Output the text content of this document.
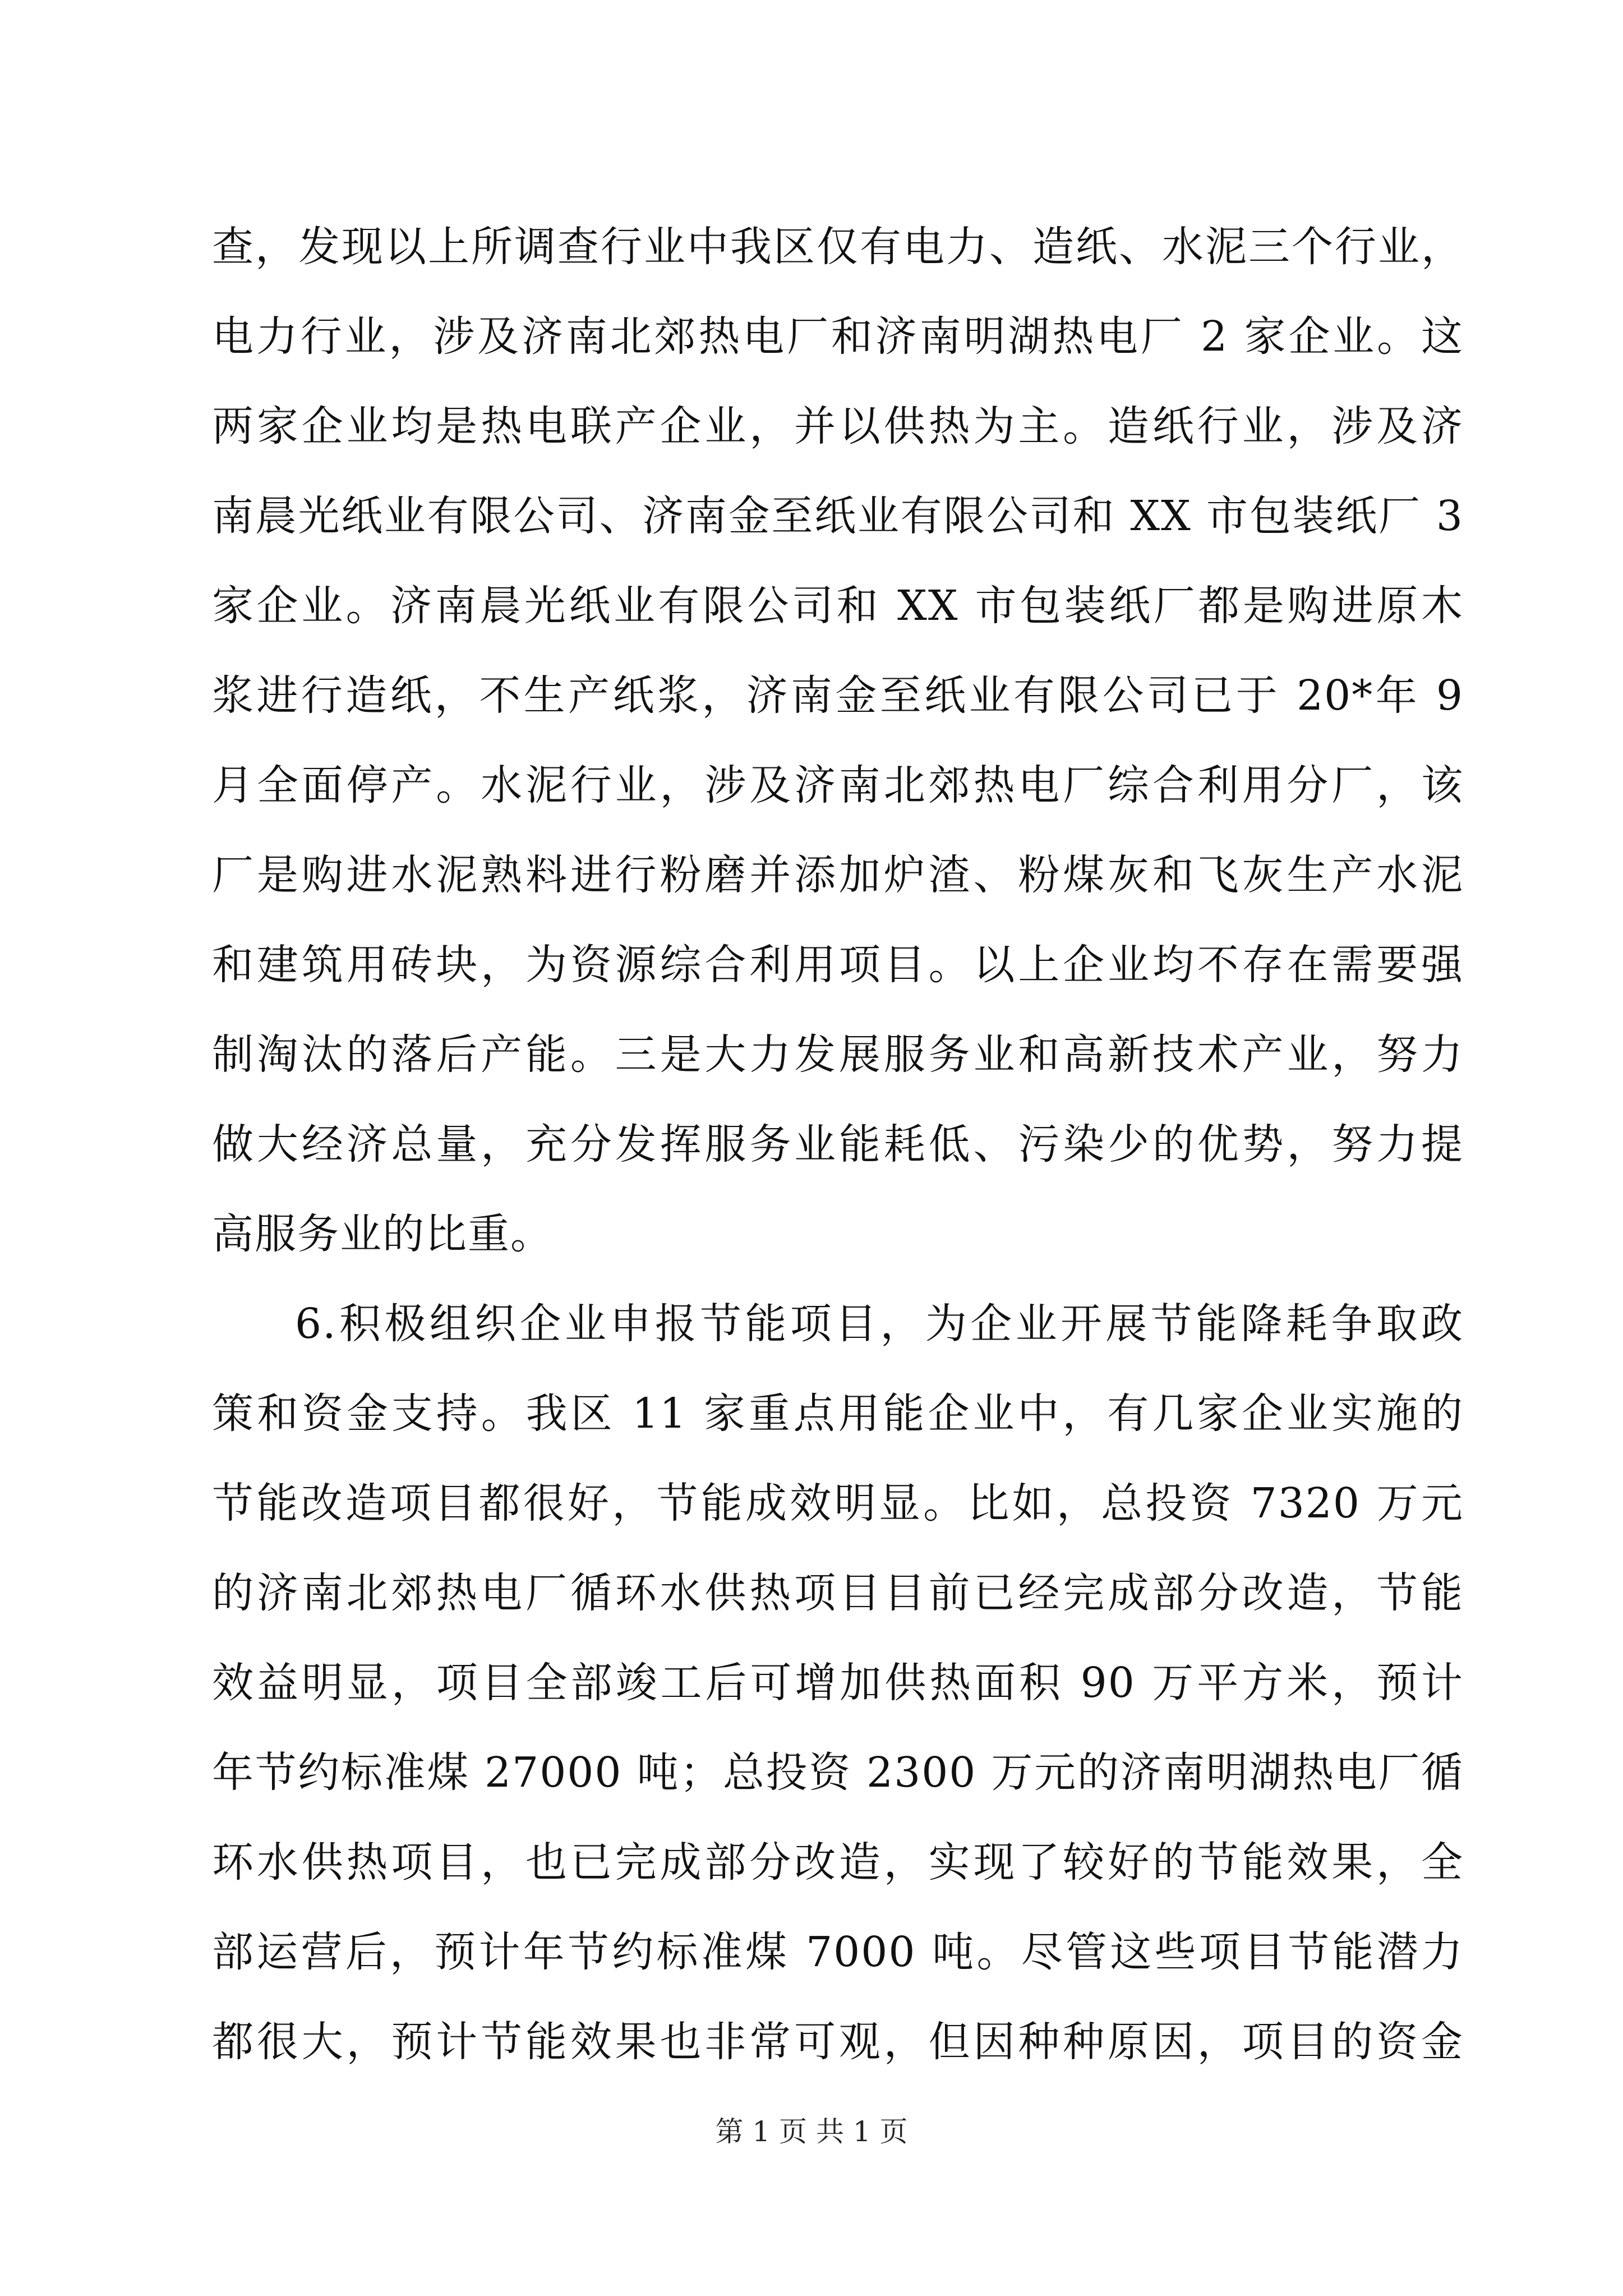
查，发现以上所调查行业中我区仅有电力、造纸、水泥三个行业，
电力行业，涉及济南北郊热电厂和济南明湖热电厂 2 家企业。这
两家企业均是热电联产企业，并以供热为主。造纸行业，涉及济
南晨光纸业有限公司、济南金至纸业有限公司和 XX 市包装纸厂 3
家企业。济南晨光纸业有限公司和 XX 市包装纸厂都是购进原木
浆进行造纸，不生产纸浆，济南金至纸业有限公司已于 20*年 9
月全面停产。水泥行业，涉及济南北郊热电厂综合利用分厂，该
厂是购进水泥熟料进行粉磨并添加炉渣、粉煤灰和飞灰生产水泥
和建筑用砖块，为资源综合利用项目。以上企业均不存在需要强
制淘汰的落后产能。三是大力发展服务业和高新技术产业，努力
做大经济总量，充分发挥服务业能耗低、污染少的优势，努力提
高服务业的比重。
6.积极组织企业申报节能项目，为企业开展节能降耗争取政
策和资金支持。我区 11 家重点用能企业中，有几家企业实施的
节能改造项目都很好，节能成效明显。比如，总投资 7320 万元
的济南北郊热电厂循环水供热项目目前已经完成部分改造，节能
效益明显，项目全部竣工后可增加供热面积 90 万平方米，预计
年节约标准煤 27000 吨；总投资 2300 万元的济南明湖热电厂循
环水供热项目，也已完成部分改造，实现了较好的节能效果，全
部运营后，预计年节约标准煤 7000 吨。尽管这些项目节能潜力
都很大，预计节能效果也非常可观，但因种种原因，项目的资金
第 1 页 共 1 页
